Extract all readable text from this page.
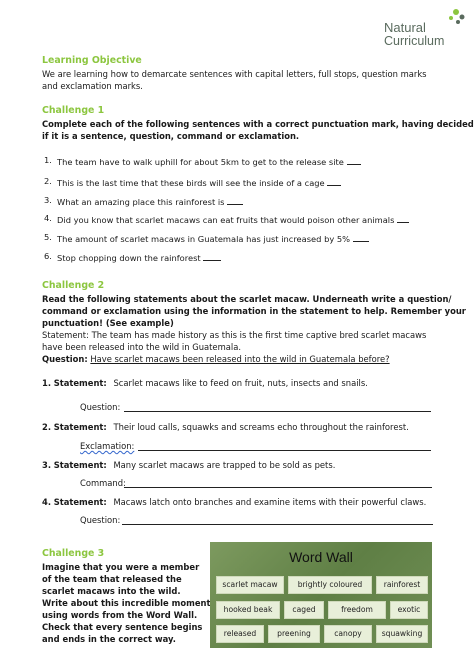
Natural
Curriculum
Learning Objective
We are learning how to demarcate sentences with capital letters, full stops, question marks
and exclamation marks.
Challenge 1
Complete each of the following sentences with a correct punctuation mark, having decided
if it is a sentence, question, command or exclamation.
1. The team have to walk uphill for about 5km to get to the release site
2. This is the last time that these birds will see the inside of a cage
3. What an amazing place this rainforest is
4. Did you know that scarlet macaws can eat fruits that would poison other animals
5. The amount of scarlet macaws in Guatemala has just increased by 5%
6. Stop chopping down the rainforest
Challenge 2
Read the following statements about the scarlet macaw. Underneath write a question/
command or exclamation using the information in the statement to help. Remember your
punctuation! (See example)
Statement: The team has made history as this is the first time captive bred scarlet macaws
have been released into the wild in Guatemala.
Question: Have scarlet macaws been released into the wild in Guatemala before?
1. Statement: Scarlet macaws like to feed on fruit, nuts, insects and snails.
Question:
2. Statement: Their loud calls, squawks and screams echo throughout the rainforest.
Exclamation:
3. Statement: Many scarlet macaws are trapped to be sold as pets.
Command:
4. Statement: Macaws latch onto branches and examine items with their powerful claws.
Question:
Challenge 3
Imagine that you were a member
of the team that released the
scarlet macaws into the wild.
Write about this incredible moment
using words from the Word Wall.
Check that every sentence begins
and ends in the correct way.
Word Wall
scarlet macaw	brightly coloured	rainforest
hooked beak	caged	freedom	exotic
released	preening	canopy	squawking
